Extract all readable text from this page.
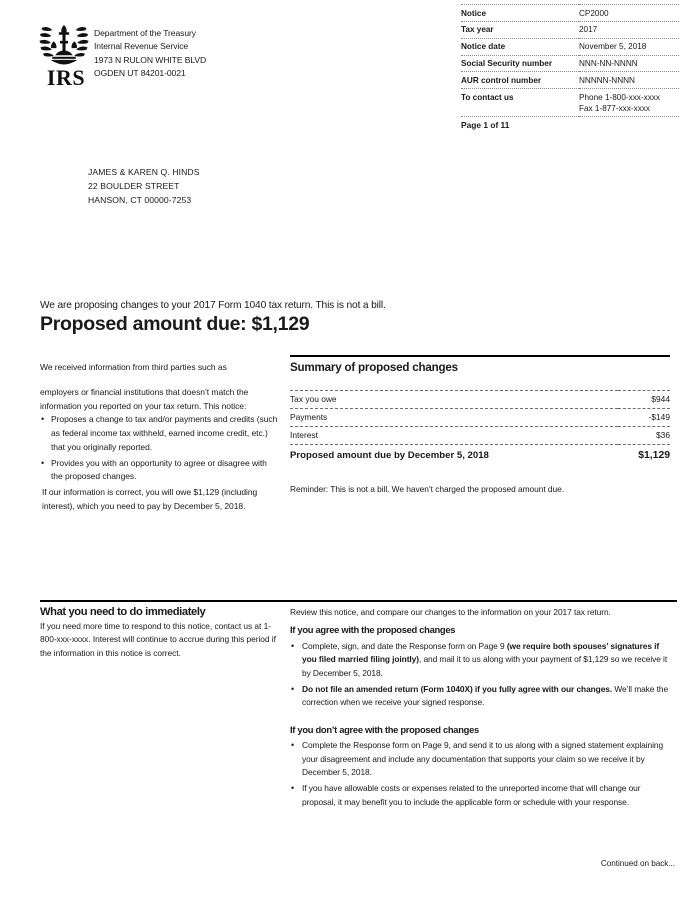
IRS
Department of the Treasury
Internal Revenue Service
1973 N RULON WHITE BLVD
OGDEN UT 84201-0021
Notice	CP2000
Tax year	2017
Notice date	November 5, 2018
Social Security number	NNN-NN-NNNN
AUR control number	NNNNN-NNNN
To contact us	Phone 1-800-xxx-xxxx
Fax 1-877-xxx-xxxx
Page 1 of 11
JAMES & KAREN Q. HINDS
22 BOULDER STREET
HANSON, CT 00000-7253
We are proposing changes to your 2017 Form 1040 tax return. This is not a bill.
Proposed amount due: $1,129

We received information from third parties such as

employers or financial institutions that doesn’t match the information you reported on your tax return. This notice:

• Proposes a change to tax and/or payments and credits (such as federal income tax withheld, earned income credit, etc.) that you originally reported.
• Provides you with an opportunity to agree or disagree with the proposed changes.

If our information is correct, you will owe $1,129 (including interest), which you need to pay by December 5, 2018.

Summary of proposed changes
Tax you owe	$944
Payments	-$149
Interest	$36
Proposed amount due by December 5, 2018	$1,129

Reminder: This is not a bill. We haven’t charged the proposed amount due.

What you need to do immediately

If you need more time to respond to this notice, contact us at 1-800-xxx-xxxx. Interest will continue to accrue during this period if the information in this notice is correct.

Review this notice, and compare our changes to the information on your 2017 tax return.

If you agree with the proposed changes
• Complete, sign, and date the Response form on Page 9 (we require both spouses’ signatures if you filed married filing jointly), and mail it to us along with your payment of $1,129 so we receive it by December 5, 2018.
• Do not file an amended return (Form 1040X) if you fully agree with our changes. We’ll make the correction when we receive your signed response.
If you don’t agree with the proposed changes
• Complete the Response form on Page 9, and send it to us along with a signed statement explaining your disagreement and include any documentation that supports your claim so we receive it by December 5, 2018.
• If you have allowable costs or expenses related to the unreported income that will change our proposal, it may benefit you to include the applicable form or schedule with your response.
Continued on back...
